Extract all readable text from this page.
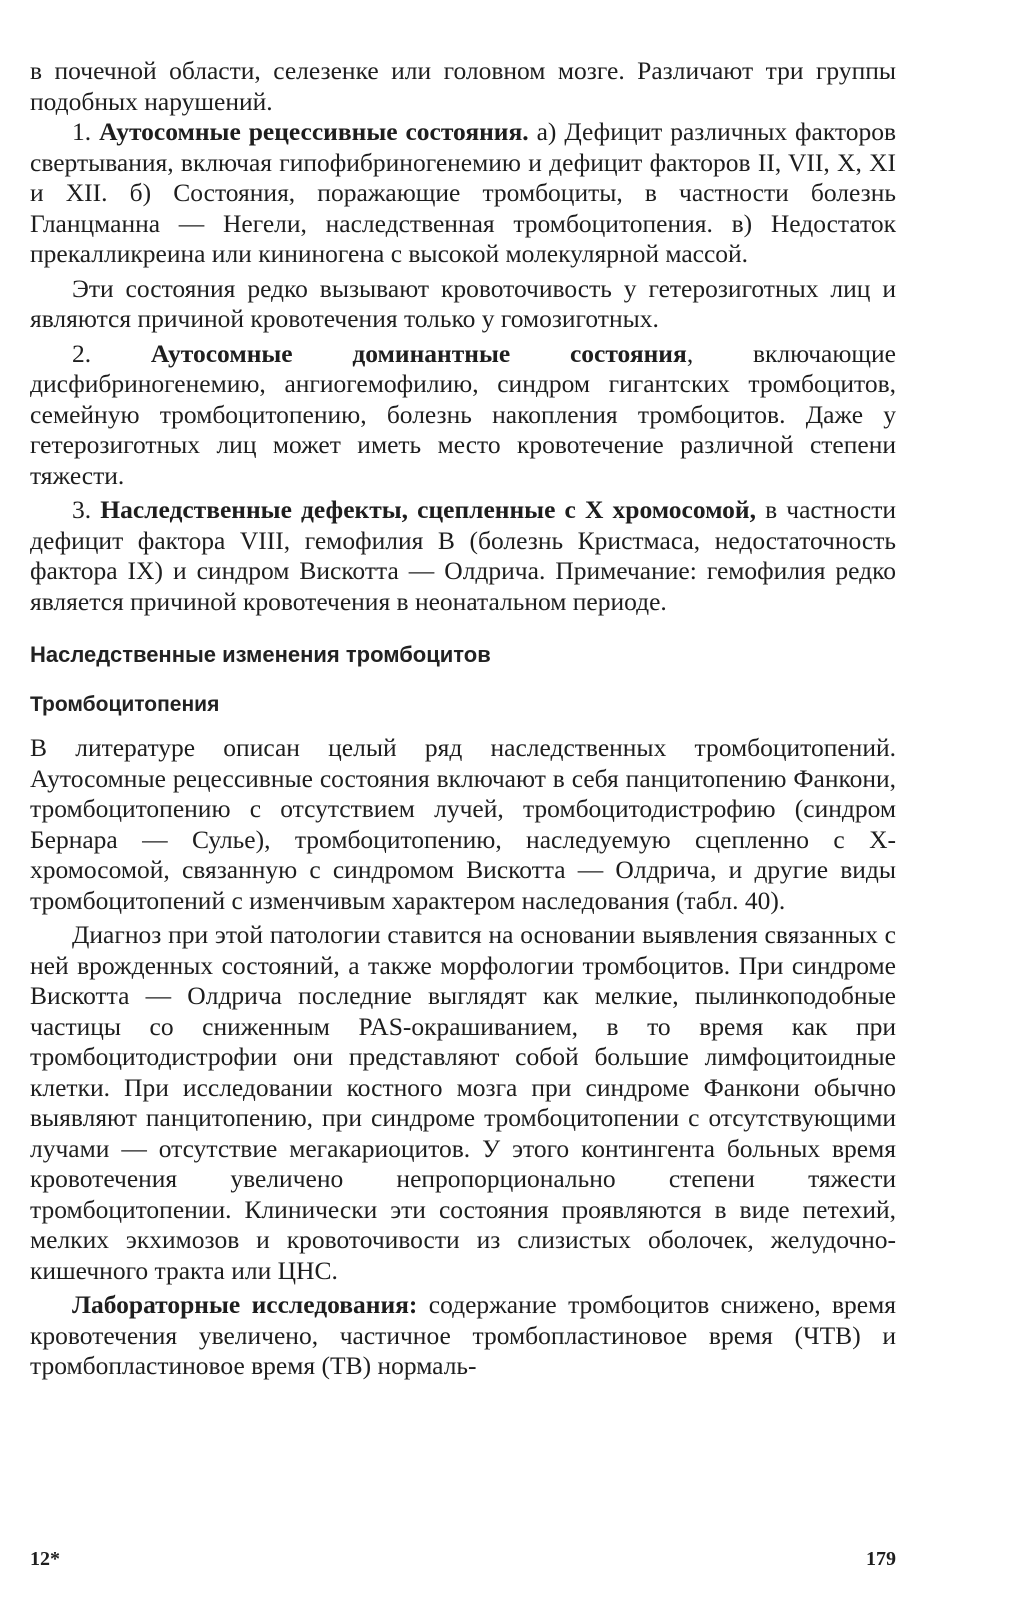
в почечной области, селезенке или головном мозге. Различают три группы подобных нарушений.

1. Аутосомные рецессивные состояния. а) Дефицит различных факторов свертывания, включая гипофибриногенемию и дефицит факторов II, VII, X, XI и XII. б) Состояния, поражающие тромбоциты, в частности болезнь Гланцманна — Негели, наследственная тромбоцитопения. в) Недостаток прекалликреина или кининогена с высокой молекулярной массой.

Эти состояния редко вызывают кровоточивость у гетерозиготных лиц и являются причиной кровотечения только у гомозиготных.

2. Аутосомные доминантные состояния, включающие дисфибриногенемию, ангиогемофилию, синдром гигантских тромбоцитов, семейную тромбоцитопению, болезнь накопления тромбоцитов. Даже у гетерозиготных лиц может иметь место кровотечение различной степени тяжести.

3. Наследственные дефекты, сцепленные с Х хромосомой, в частности дефицит фактора VIII, гемофилия В (болезнь Кристмаса, недостаточность фактора IX) и синдром Вискотта — Олдрича. Примечание: гемофилия редко является причиной кровотечения в неонатальном периоде.

Наследственные изменения тромбоцитов
Тромбоцитопения

В литературе описан целый ряд наследственных тромбоцитопений. Аутосомные рецессивные состояния включают в себя панцитопению Фанкони, тромбоцитопению с отсутствием лучей, тромбоцитодистрофию (синдром Бернара — Сулье), тромбоцитопению, наследуемую сцепленно с Х-хромосомой, связанную с синдромом Вискотта — Олдрича, и другие виды тромбоцитопений с изменчивым характером наследования (табл. 40).

Диагноз при этой патологии ставится на основании выявления связанных с ней врожденных состояний, а также морфологии тромбоцитов. При синдроме Вискотта — Олдрича последние выглядят как мелкие, пылинкоподобные частицы со сниженным PAS-окрашиванием, в то время как при тромбоцитодистрофии они представляют собой большие лимфоцитоидные клетки. При исследовании костного мозга при синдроме Фанкони обычно выявляют панцитопению, при синдроме тромбоцитопении с отсутствующими лучами — отсутствие мегакариоцитов. У этого контингента больных время кровотечения увеличено непропорционально степени тяжести тромбоцитопении. Клинически эти состояния проявляются в виде петехий, мелких экхимозов и кровоточивости из слизистых оболочек, желудочно-кишечного тракта или ЦНС.

Лабораторные исследования: содержание тромбоцитов снижено, время кровотечения увеличено, частичное тромбопластиновое время (ЧТВ) и тромбопластиновое время (ТВ) нормаль-

12*	179
